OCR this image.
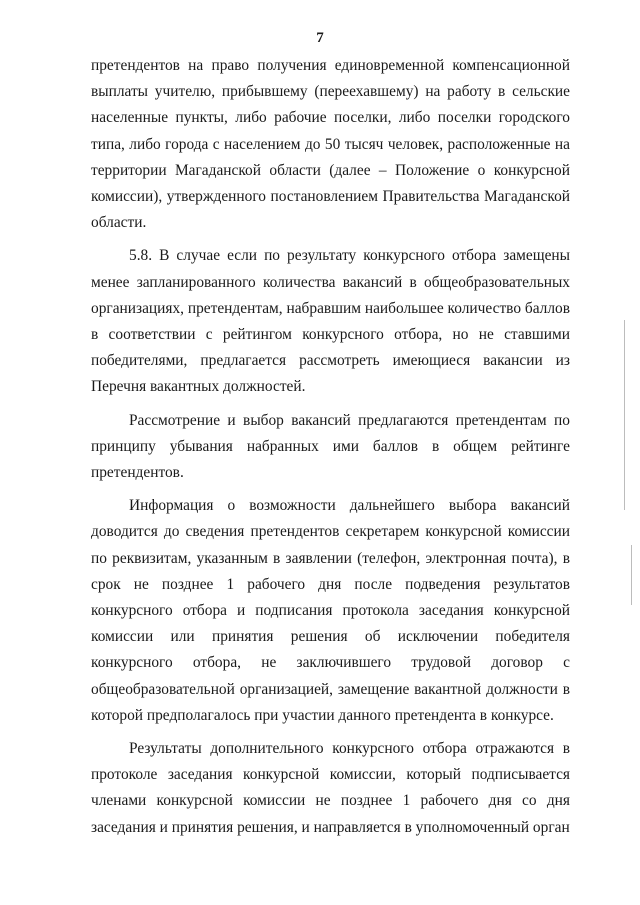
7

претендентов на право получения единовременной компенсационной выплаты учителю, прибывшему (переехавшему) на работу в сельские населенные пункты, либо рабочие поселки, либо поселки городского типа, либо города с населением до 50 тысяч человек, расположенные на территории Магаданской области (далее – Положение о конкурсной комиссии), утвержденного постановлением Правительства Магаданской области.

5.8. В случае если по результату конкурсного отбора замещены менее запланированного количества вакансий в общеобразовательных организациях, претендентам, набравшим наибольшее количество баллов в соответствии с рейтингом конкурсного отбора, но не ставшими победителями, предлагается рассмотреть имеющиеся вакансии из Перечня вакантных должностей.

Рассмотрение и выбор вакансий предлагаются претендентам по принципу убывания набранных ими баллов в общем рейтинге претендентов.

Информация о возможности дальнейшего выбора вакансий доводится до сведения претендентов секретарем конкурсной комиссии по реквизитам, указанным в заявлении (телефон, электронная почта), в срок не позднее 1 рабочего дня после подведения результатов конкурсного отбора и подписания протокола заседания конкурсной комиссии или принятия решения об исключении победителя конкурсного отбора, не заключившего трудовой договор с общеобразовательной организацией, замещение вакантной должности в которой предполагалось при участии данного претендента в конкурсе.

Результаты дополнительного конкурсного отбора отражаются в протоколе заседания конкурсной комиссии, который подписывается членами конкурсной комиссии не позднее 1 рабочего дня со дня заседания и принятия решения, и направляется в уполномоченный орган
